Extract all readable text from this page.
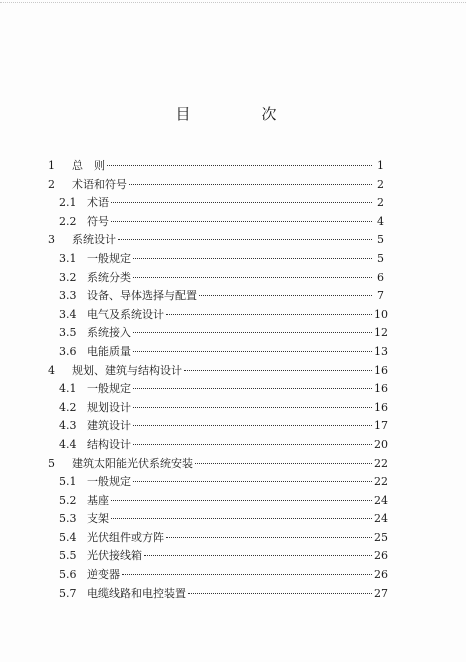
目　次
1	总　则	1
2	术语和符号	2
2.1 术语	2
2.2 符号	4
3	系统设计	5
3.1 一般规定	5
3.2 系统分类	6
3.3 设备、导体选择与配置	7
3.4 电气及系统设计	10
3.5 系统接入	12
3.6 电能质量	13
4	规划、建筑与结构设计	16
4.1 一般规定	16
4.2 规划设计	16
4.3 建筑设计	17
4.4 结构设计	20
5	建筑太阳能光伏系统安装	22
5.1 一般规定	22
5.2 基座	24
5.3 支架	24
5.4 光伏组件或方阵	25
5.5 光伏接线箱	26
5.6 逆变器	26
5.7 电缆线路和电控装置	27
